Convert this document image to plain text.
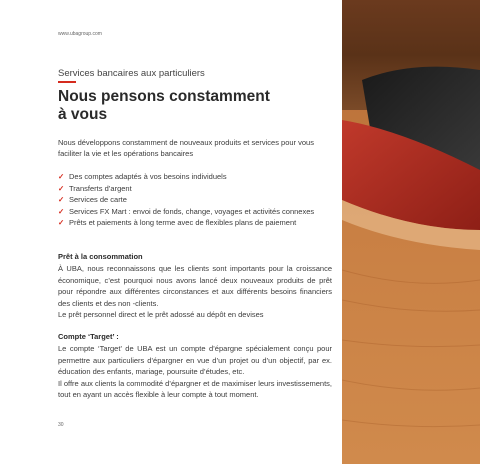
www.ubagroup.com
Services bancaires aux particuliers
Nous pensons constamment
à vous
Nous développons constamment de nouveaux produits et services pour vous faciliter la vie et les opérations bancaires
✓ Des comptes adaptés à vos besoins individuels
✓ Transferts d’argent
✓ Services de carte
✓ Services FX Mart : envoi de fonds, change, voyages et activités connexes
✓ Prêts et paiements à long terme avec de flexibles plans de paiement
Prêt à la consommation

À UBA, nous reconnaissons que les clients sont importants pour la croissance économique, c’est pourquoi nous avons lancé deux nouveaux produits de prêt pour répondre aux différentes circonstances et aux différents besoins financiers des clients et des non -clients.

Le prêt personnel direct et le prêt adossé au dépôt en devises

Compte ‘Target’ :

Le compte ‘Target’ de UBA est un compte d’épargne spécialement conçu pour permettre aux particuliers d’épargner en vue d’un projet ou d’un objectif, par ex. éducation des enfants, mariage, poursuite d’études, etc.

Il offre aux clients la commodité d’épargner et de maximiser leurs investissements, tout en ayant un accès flexible à leur compte à tout moment.

30
